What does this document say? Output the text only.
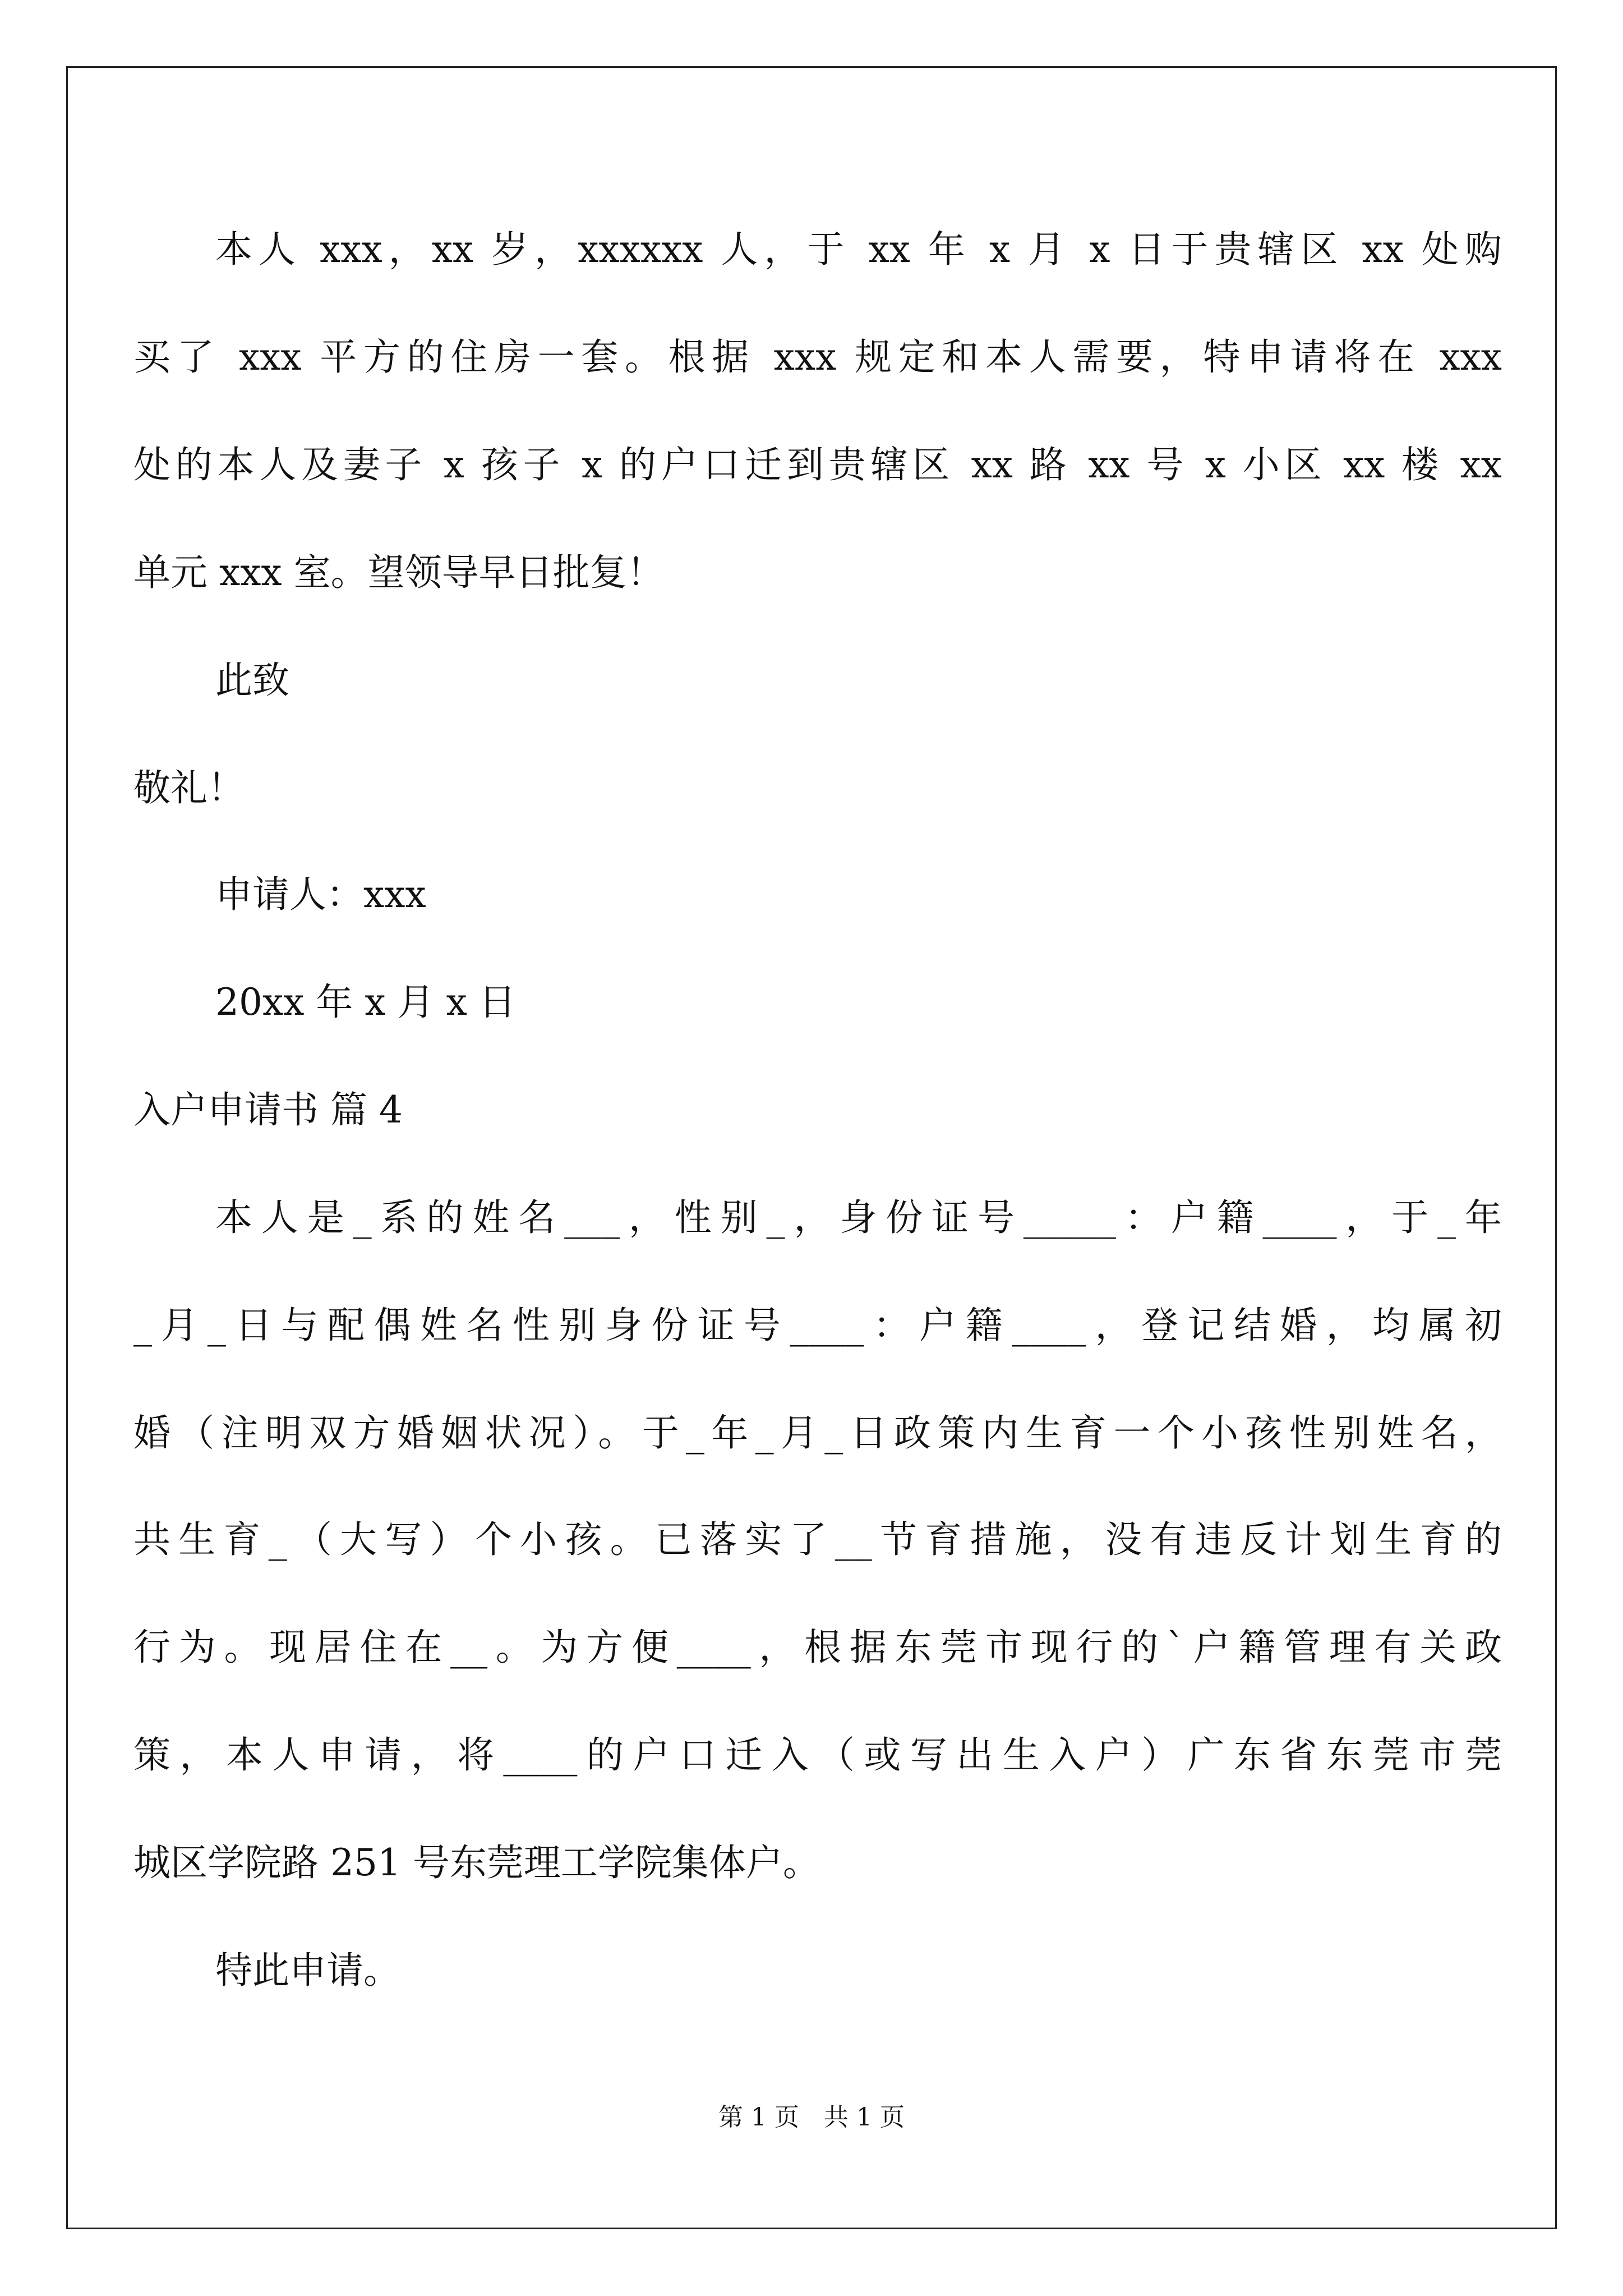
本人 xxx，xx 岁，xxxxxx 人，于 xx 年 x 月 x 日于贵辖区 xx 处购
买了 xxx 平方的住房一套。根据 xxx 规定和本人需要，特申请将在 xxx
处的本人及妻子 x 孩子 x 的户口迁到贵辖区 xx 路 xx 号 x 小区 xx 楼 xx
单元 xxx 室。望领导早日批复！
此致
敬礼！
申请人：xxx
20xx 年 x 月 x 日
入户申请书 篇 4
本人是_系的姓名___，性别_，身份证号_____：户籍____，于_年
_月_日与配偶姓名性别身份证号____：户籍____，登记结婚，均属初
婚（注明双方婚姻状况）。于_年_月_日政策内生育一个小孩性别姓名，
共生育_（大写）个小孩。已落实了__节育措施，没有违反计划生育的
行为。现居住在__。为方便____，根据东莞市现行的`户籍管理有关政
策，本人申请，将____的户口迁入（或写出生入户）广东省东莞市莞
城区学院路 251 号东莞理工学院集体户。
特此申请。
第 1 页　共 1 页
